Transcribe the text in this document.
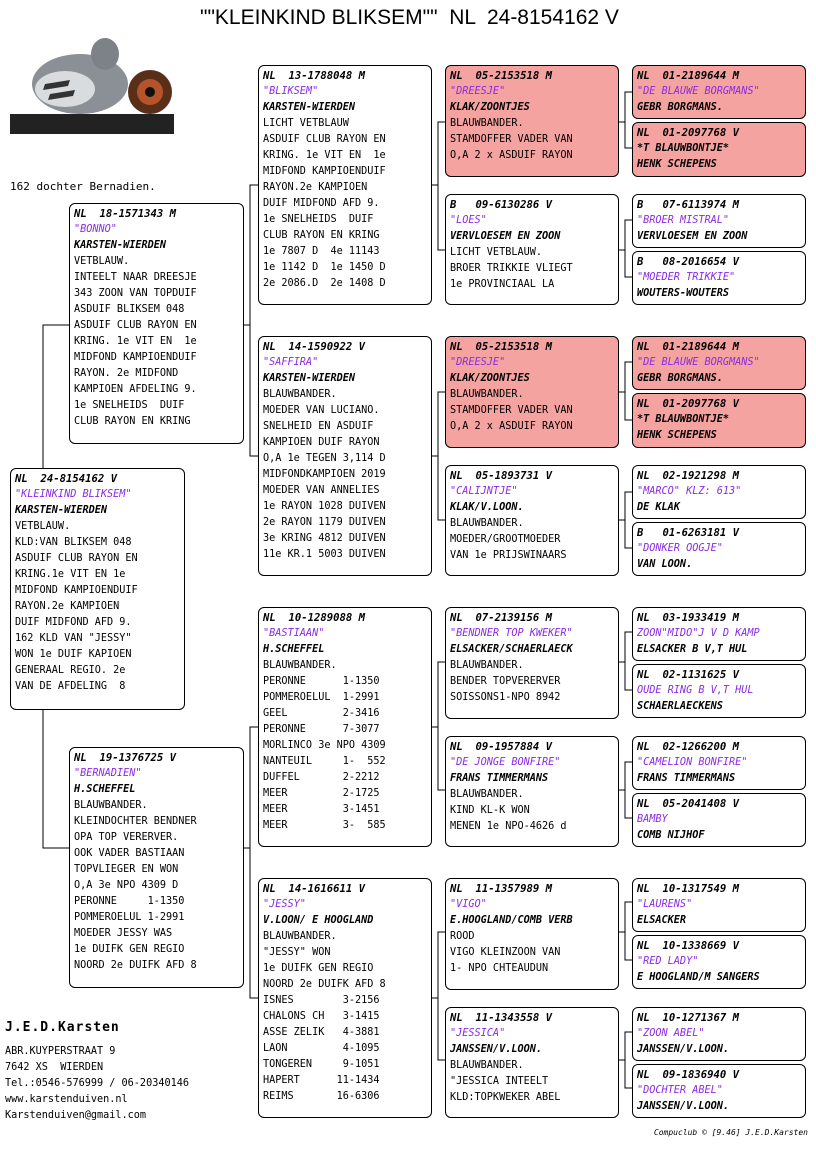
""KLEINKIND BLIKSEM""  NL  24-8154162 V
162 dochter Bernadien.
NL  24-8154162 V
"KLEINKIND BLIKSEM"
KARSTEN-WIERDEN
VETBLAUW.
KLD:VAN BLIKSEM 048
ASDUIF CLUB RAYON EN
KRING.1e VIT EN 1e
MIDFOND KAMPIOENDUIF
RAYON.2e KAMPIOEN
DUIF MIDFOND AFD 9.
162 KLD VAN "JESSY"
WON 1e DUIF KAPIOEN
GENERAAL REGIO. 2e
VAN DE AFDELING  8
NL  18-1571343 M
"BONNO"
KARSTEN-WIERDEN
VETBLAUW.
INTEELT NAAR DREESJE
343 ZOON VAN TOPDUIF
ASDUIF BLIKSEM 048
ASDUIF CLUB RAYON EN
KRING. 1e VIT EN  1e
MIDFOND KAMPIOENDUIF
RAYON. 2e MIDFOND
KAMPIOEN AFDELING 9.
1e SNELHEIDS  DUIF
CLUB RAYON EN KRING
NL  19-1376725 V
"BERNADIEN"
H.SCHEFFEL
BLAUWBANDER.
KLEINDOCHTER BENDNER
OPA TOP VERERVER.
OOK VADER BASTIAAN
TOPVLIEGER EN WON
O,A 3e NPO 4309 D
PERONNE     1-1350
POMMEROELUL 1-2991
MOEDER JESSY WAS
1e DUIFK GEN REGIO
NOORD 2e DUIFK AFD 8
NL  13-1788048 M
"BLIKSEM"
KARSTEN-WIERDEN
LICHT VETBLAUW
ASDUIF CLUB RAYON EN
KRING. 1e VIT EN  1e
MIDFOND KAMPIOENDUIF
RAYON.2e KAMPIOEN
DUIF MIDFOND AFD 9.
1e SNELHEIDS  DUIF
CLUB RAYON EN KRING
1e 7807 D  4e 11143
1e 1142 D  1e 1450 D
2e 2086.D  2e 1408 D
NL  14-1590922 V
"SAFFIRA"
KARSTEN-WIERDEN
BLAUWBANDER.
MOEDER VAN LUCIANO.
SNELHEID EN ASDUIF
KAMPIOEN DUIF RAYON
O,A 1e TEGEN 3,114 D
MIDFONDKAMPIOEN 2019
MOEDER VAN ANNELIES
1e RAYON 1028 DUIVEN
2e RAYON 1179 DUIVEN
3e KRING 4812 DUIVEN
11e KR.1 5003 DUIVEN
NL  10-1289088 M
"BASTIAAN"
H.SCHEFFEL
BLAUWBANDER.
PERONNE      1-1350
POMMEROELUL  1-2991
GEEL         2-3416
PERONNE      7-3077
MORLINCO 3e NPO 4309
NANTEUIL     1-  552
DUFFEL       2-2212
MEER         2-1725
MEER         3-1451
MEER         3-  585
NL  14-1616611 V
"JESSY"
V.LOON/ E HOOGLAND
BLAUWBANDER.
"JESSY" WON
1e DUIFK GEN REGIO
NOORD 2e DUIFK AFD 8
ISNES        3-2156
CHALONS CH   3-1415
ASSE ZELIK   4-3881
LAON         4-1095
TONGEREN     9-1051
HAPERT      11-1434
REIMS       16-6306
NL  05-2153518 M
"DREESJE"
KLAK/ZOONTJES
BLAUWBANDER.
STAMDOFFER VADER VAN
O,A 2 x ASDUIF RAYON
B   09-6130286 V
"LOES"
VERVLOESEM EN ZOON
LICHT VETBLAUW.
BROER TRIKKIE VLIEGT
1e PROVINCIAAL LA
NL  05-2153518 M
"DREESJE"
KLAK/ZOONTJES
BLAUWBANDER.
STAMDOFFER VADER VAN
O,A 2 x ASDUIF RAYON
NL  05-1893731 V
"CALIJNTJE"
KLAK/V.LOON.
BLAUWBANDER.
MOEDER/GROOTMOEDER
VAN 1e PRIJSWINAARS
NL  07-2139156 M
"BENDNER TOP KWEKER"
ELSACKER/SCHAERLAECK
BLAUWBANDER.
BENDER TOPVERERVER
SOISSONS1-NPO 8942
NL  09-1957884 V
"DE JONGE BONFIRE"
FRANS TIMMERMANS
BLAUWBANDER.
KIND KL-K WON
MENEN 1e NPO-4626 d
NL  11-1357989 M
"VIGO"
E.HOOGLAND/COMB VERB
ROOD
VIGO KLEINZOON VAN
1- NPO CHTEAUDUN
NL  11-1343558 V
"JESSICA"
JANSSEN/V.LOON.
BLAUWBANDER.
"JESSICA INTEELT
KLD:TOPKWEKER ABEL
NL  01-2189644 M
"DE BLAUWE BORGMANS"
GEBR BORGMANS.
NL  01-2097768 V
*T BLAUWBONTJE*
HENK SCHEPENS
B   07-6113974 M
"BROER MISTRAL"
VERVLOESEM EN ZOON
B   08-2016654 V
"MOEDER TRIKKIE"
WOUTERS-WOUTERS
NL  01-2189644 M
"DE BLAUWE BORGMANS"
GEBR BORGMANS.
NL  01-2097768 V
*T BLAUWBONTJE*
HENK SCHEPENS
NL  02-1921298 M
"MARCO" KLZ: 613"
DE KLAK
B   01-6263181 V
"DONKER OOGJE"
VAN LOON.
NL  03-1933419 M
ZOON"MIDO"J V D KAMP
ELSACKER B V,T HUL
NL  02-1131625 V
OUDE RING B V,T HUL
SCHAERLAECKENS
NL  02-1266200 M
"CAMELION BONFIRE"
FRANS TIMMERMANS
NL  05-2041408 V
BAMBY
COMB NIJHOF
NL  10-1317549 M
"LAURENS"
ELSACKER
NL  10-1338669 V
"RED LADY"
E HOOGLAND/M SANGERS
NL  10-1271367 M
"ZOON ABEL"
JANSSEN/V.LOON.
NL  09-1836940 V
"DOCHTER ABEL"
JANSSEN/V.LOON.
J.E.D.Karsten
ABR.KUYPERSTRAAT 9
7642 XS  WIERDEN
Tel.:0546-576999 / 06-20340146
www.karstenduiven.nl
Karstenduiven@gmail.com
Compuclub © [9.46] J.E.D.Karsten
